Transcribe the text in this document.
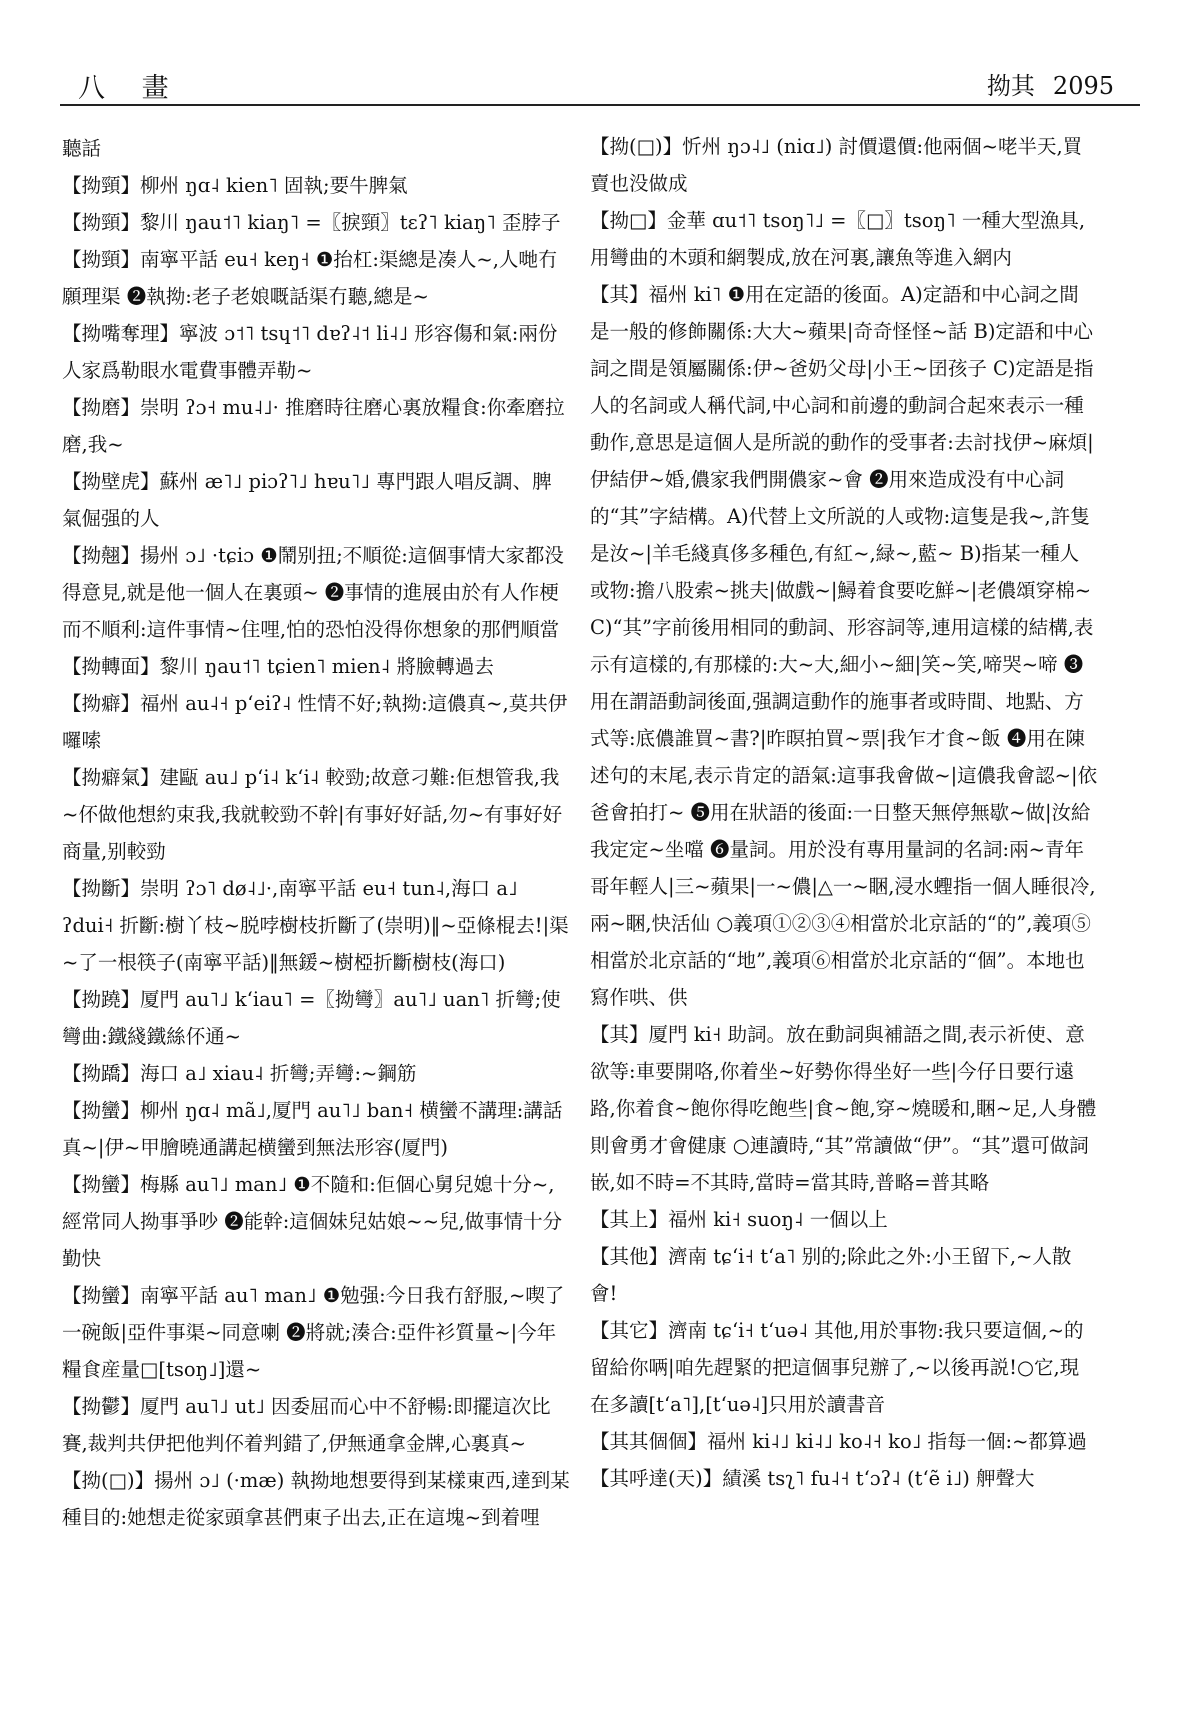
八 畫	拗其 2095

聽話

【拗頸】柳州 ŋɑ˨ kien˥ 固執;要牛脾氣

【拗頸】黎川 ŋau˦˥ kiaŋ˥ =〖捩頸〗tɛʔ˥ kiaŋ˥ 歪脖子

【拗頸】南寧平話 eu˧ keŋ˧ ❶抬杠:渠總是凑人~,人哋冇願理渠 ❷執拗:老子老娘嘅話渠冇聽,總是~

【拗嘴奪理】寧波 ɔ˦˥ tsɥ˦˥ dɐʔ˨˦ li˨˩ 形容傷和氣:兩份人家爲勒眼水電費事體弄勒~

【拗磨】崇明 ʔɔ˧ mu˨˩· 推磨時往磨心裏放糧食:你牽磨拉磨,我~

【拗壁虎】蘇州 æ˥˩ piɔʔ˥˩ hɐu˥˩ 專門跟人唱反調、脾氣倔强的人

【拗翹】揚州 ɔ˩ ·tɕiɔ ❶鬧别扭;不順從:這個事情大家都没得意見,就是他一個人在裏頭~ ❷事情的進展由於有人作梗而不順利:這件事情~住哩,怕的恐怕没得你想象的那們順當

【拗轉面】黎川 ŋau˦˥ tɕien˥ mien˨ 將臉轉過去

【拗癖】福州 au˨˧ pʻeiʔ˨ 性情不好;執拗:這儂真~,莫共伊囉嗦

【拗癖氣】建甌 au˩ pʻi˨ kʻi˨ 較勁;故意刁難:佢想管我,我~伓做他想約束我,我就較勁不幹|有事好好話,勿~有事好好商量,别較勁

【拗斷】崇明 ʔɔ˥ dø˨˩·,南寧平話 eu˧ tun˨,海口 a˩ ʔdui˧ 折斷:樹丫枝~脱哱樹枝折斷了(崇明)‖~亞條棍去!|渠~了一根筷子(南寧平話)‖無鍰~樹椏折斷樹枝(海口)

【拗蹺】厦門 au˥˩ kʻiau˥ =〖拗彎〗au˥˩ uan˥ 折彎;使彎曲:鐵綫鐵絲伓通~

【拗蹻】海口 a˩ xiau˨ 折彎;弄彎:~鋼筋

【拗蠻】柳州 ŋɑ˨ mã˩,厦門 au˥˩ ban˧ 横蠻不講理:講話真~|伊~甲膾曉通講起横蠻到無法形容(厦門)

【拗蠻】梅縣 au˥˩ man˩ ❶不隨和:佢個心舅兒媳十分~,經常同人拗事爭吵 ❷能幹:這個妹兒姑娘~~兒,做事情十分勤快

【拗蠻】南寧平話 au˥ man˩ ❶勉强:今日我冇舒服,~喫了一碗飯|亞件事渠~同意喇 ❷將就;湊合:亞件衫質量~|今年糧食産量□[tsoŋ˩]還~

【拗鬱】厦門 au˥˩ ut˩ 因委屈而心中不舒暢:即擺這次比賽,裁判共伊把他判伓着判錯了,伊無通拿金牌,心裏真~

【拗(□)】揚州 ɔ˩ (·mæ) 執拗地想要得到某樣東西,達到某種目的:她想走從家頭拿甚們東子出去,正在這塊~到着哩

【拗(□)】忻州 ŋɔ˨˩ (niɑ˩) 討價還價:他兩個~咾半天,買賣也没做成

【拗□】金華 ɑu˦˥ tsoŋ˥˩ =〖□〗tsoŋ˥ 一種大型漁具,用彎曲的木頭和網製成,放在河裏,讓魚等進入網内

【其】福州 ki˥ ❶用在定語的後面。A)定語和中心詞之間是一般的修飾關係:大大~蘋果|奇奇怪怪~話 B)定語和中心詞之間是領屬關係:伊~爸奶父母|小王~囝孩子 C)定語是指人的名詞或人稱代詞,中心詞和前邊的動詞合起來表示一種動作,意思是這個人是所説的動作的受事者:去討找伊~麻煩|伊結伊~婚,儂家我們開儂家~會 ❷用來造成没有中心詞的“其”字結構。A)代替上文所説的人或物:這隻是我~,許隻是汝~|羊毛綫真侈多種色,有紅~,緑~,藍~ B)指某一種人或物:擔八股索~挑夫|做戲~|鱘着食要吃鮮~|老儂頌穿棉~ C)“其”字前後用相同的動詞、形容詞等,連用這樣的結構,表示有這樣的,有那樣的:大~大,細小~細|笑~笑,啼哭~啼 ❸用在謂語動詞後面,强調這動作的施事者或時間、地點、方式等:底儂誰買~書?|昨暝拍買~票|我乍才食~飯 ❹用在陳述句的末尾,表示肯定的語氣:這事我會做~|這儂我會認~|依爸會拍打~ ❺用在狀語的後面:一日整天無停無歇~做|汝給我定定~坐噹 ❻量詞。用於没有專用量詞的名詞:兩~青年哥年輕人|三~蘋果|一~儂|△一~睏,浸水蟶指一個人睡很冷,兩~睏,快活仙 ○義項①②③④相當於北京話的“的”,義項⑤相當於北京話的“地”,義項⑥相當於北京話的“個”。本地也寫作哄、供

【其】厦門 ki˧ 助詞。放在動詞與補語之間,表示祈使、意欲等:車要開咯,你着坐~好勢你得坐好一些|今仔日要行遠路,你着食~飽你得吃飽些|食~飽,穿~燒暖和,睏~足,人身體則會勇才會健康 ○連讀時,“其”常讀做“伊”。“其”還可做詞嵌,如不時=不其時,當時=當其時,普略=普其略

【其上】福州 ki˧ suoŋ˨ 一個以上

【其他】濟南 tɕʻi˧ tʻa˥ 别的;除此之外:小王留下,~人散會!

【其它】濟南 tɕʻi˧ tʻuə˨ 其他,用於事物:我只要這個,~的留給你唡|咱先趕緊的把這個事兒辦了,~以後再説!○它,現在多讀[tʻa˥],[tʻuə˨]只用於讀書音

【其其個個】福州 ki˨˩ ki˨˩ ko˨˧ ko˩ 指每一個:~都算過

【其呼達(天)】績溪 tsʅ˥ fu˨˧ tʻɔʔ˨ (tʻẽ i˩) 舺聲大
